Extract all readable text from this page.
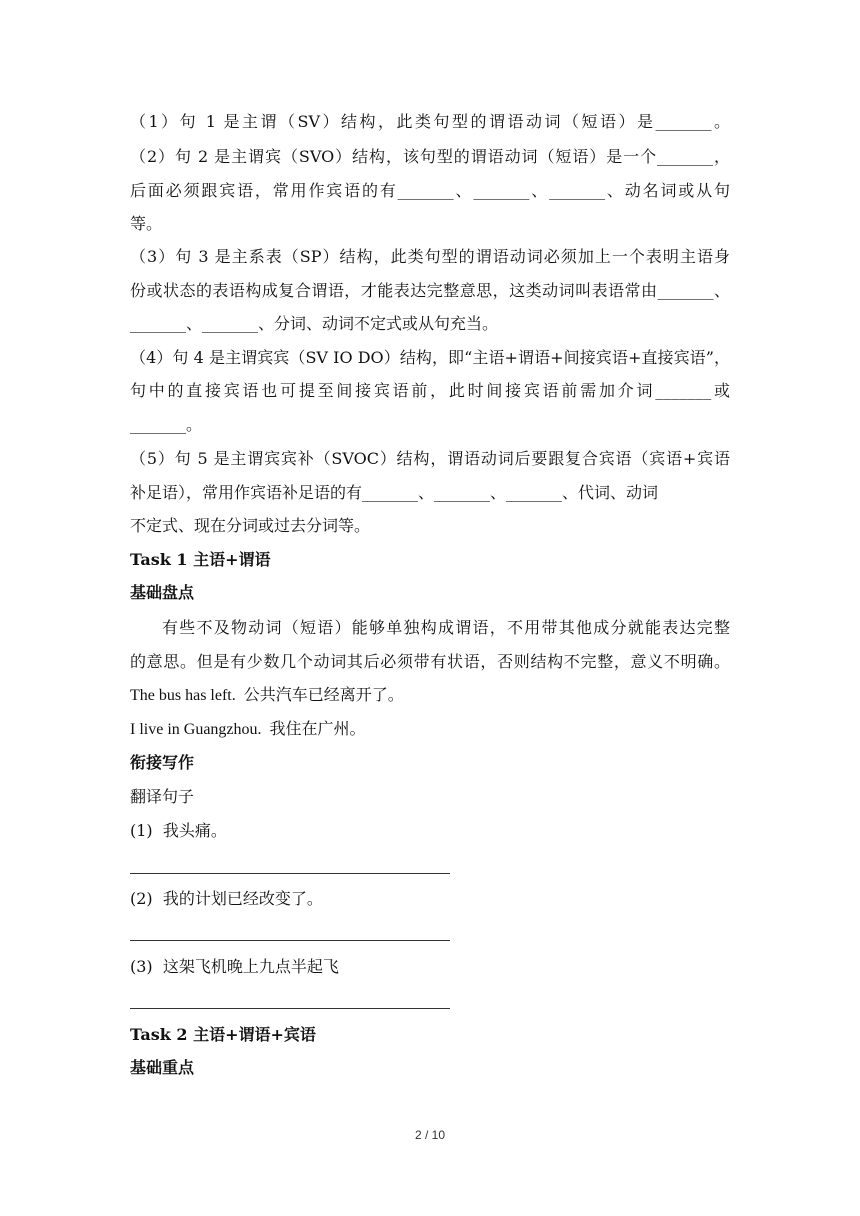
（1）句 1 是主谓（SV）结构，此类句型的谓语动词（短语）是_______。
（2）句 2 是主谓宾（SVO）结构，该句型的谓语动词（短语）是一个_______，
后面必须跟宾语，常用作宾语的有_______、_______、_______、动名词或从句
等。
（3）句 3 是主系表（SP）结构，此类句型的谓语动词必须加上一个表明主语身
份或状态的表语构成复合谓语，才能表达完整意思，这类动词叫表语常由_______、
_______、_______、分词、动词不定式或从句充当。
（4）句 4 是主谓宾宾（SV IO DO）结构，即“主语+谓语+间接宾语+直接宾语”，
句中的直接宾语也可提至间接宾语前，此时间接宾语前需加介词_______或
_______。
（5）句 5 是主谓宾宾补（SVOC）结构，谓语动词后要跟复合宾语（宾语+宾语
补足语），常用作宾语补足语的有_______、_______、_______、代词、动词
不定式、现在分词或过去分词等。
Task 1 主语+谓语
基础盘点
有些不及物动词（短语）能够单独构成谓语，不用带其他成分就能表达完整
的意思。但是有少数几个动词其后必须带有状语，否则结构不完整，意义不明确。
The bus has left.  公共汽车已经离开了。
I live in Guangzhou.  我住在广州。
衔接写作
翻译句子
(1)  我头痛。
(2)  我的计划已经改变了。
(3)  这架飞机晚上九点半起飞
Task 2 主语+谓语+宾语
基础重点
2 / 10
